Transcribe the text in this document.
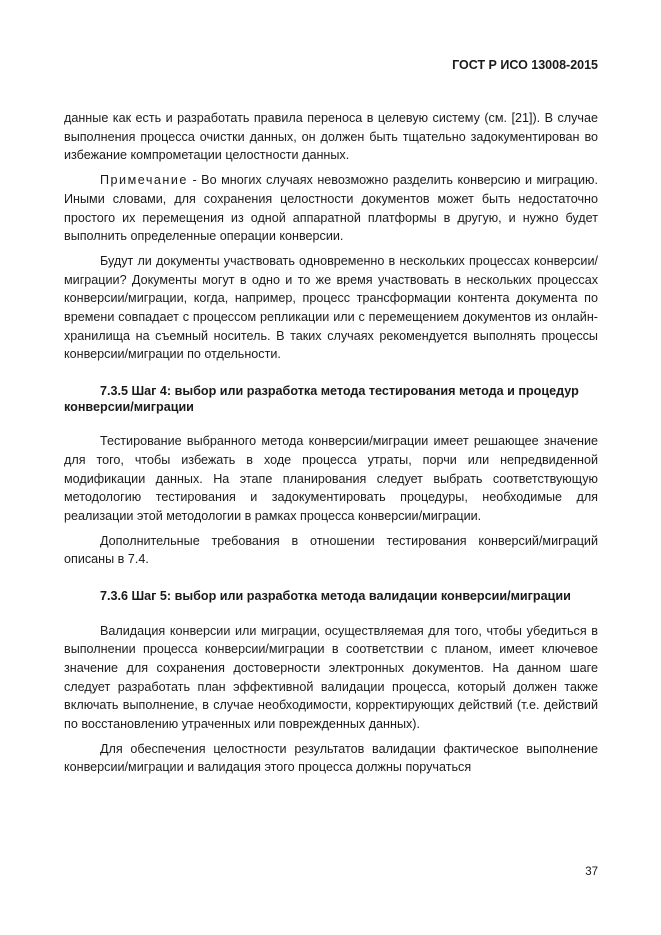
ГОСТ Р ИСО 13008-2015

данные как есть и разработать правила переноса в целевую систему (см. [21]). В случае выполнения процесса очистки данных, он должен быть тщательно задокументирован во избежание компрометации целостности данных.

Примечание - Во многих случаях невозможно разделить конверсию и миграцию. Иными словами, для сохранения целостности документов может быть недостаточно простого их перемещения из одной аппаратной платформы в другую, и нужно будет выполнить определенные операции конверсии.

Будут ли документы участвовать одновременно в нескольких процессах конверсии/миграции? Документы могут в одно и то же время участвовать в нескольких процессах конверсии/миграции, когда, например, процесс трансформации контента документа по времени совпадает с процессом репликации или с перемещением документов из онлайн-хранилища на съемный носитель. В таких случаях рекомендуется выполнять процессы конверсии/миграции по отдельности.

7.3.5 Шаг 4: выбор или разработка метода тестирования метода и процедур конверсии/миграции

Тестирование выбранного метода конверсии/миграции имеет решающее значение для того, чтобы избежать в ходе процесса утраты, порчи или непредвиденной модификации данных. На этапе планирования следует выбрать соответствующую методологию тестирования и задокументировать процедуры, необходимые для реализации этой методологии в рамках процесса конверсии/миграции.

Дополнительные требования в отношении тестирования конверсий/миграций описаны в 7.4.

7.3.6 Шаг 5: выбор или разработка метода валидации конверсии/миграции

Валидация конверсии или миграции, осуществляемая для того, чтобы убедиться в выполнении процесса конверсии/миграции в соответствии с планом, имеет ключевое значение для сохранения достоверности электронных документов. На данном шаге следует разработать план эффективной валидации процесса, который должен также включать выполнение, в случае необходимости, корректирующих действий (т.е. действий по восстановлению утраченных или поврежденных данных).

Для обеспечения целостности результатов валидации фактическое выполнение конверсии/миграции и валидация этого процесса должны поручаться

37
